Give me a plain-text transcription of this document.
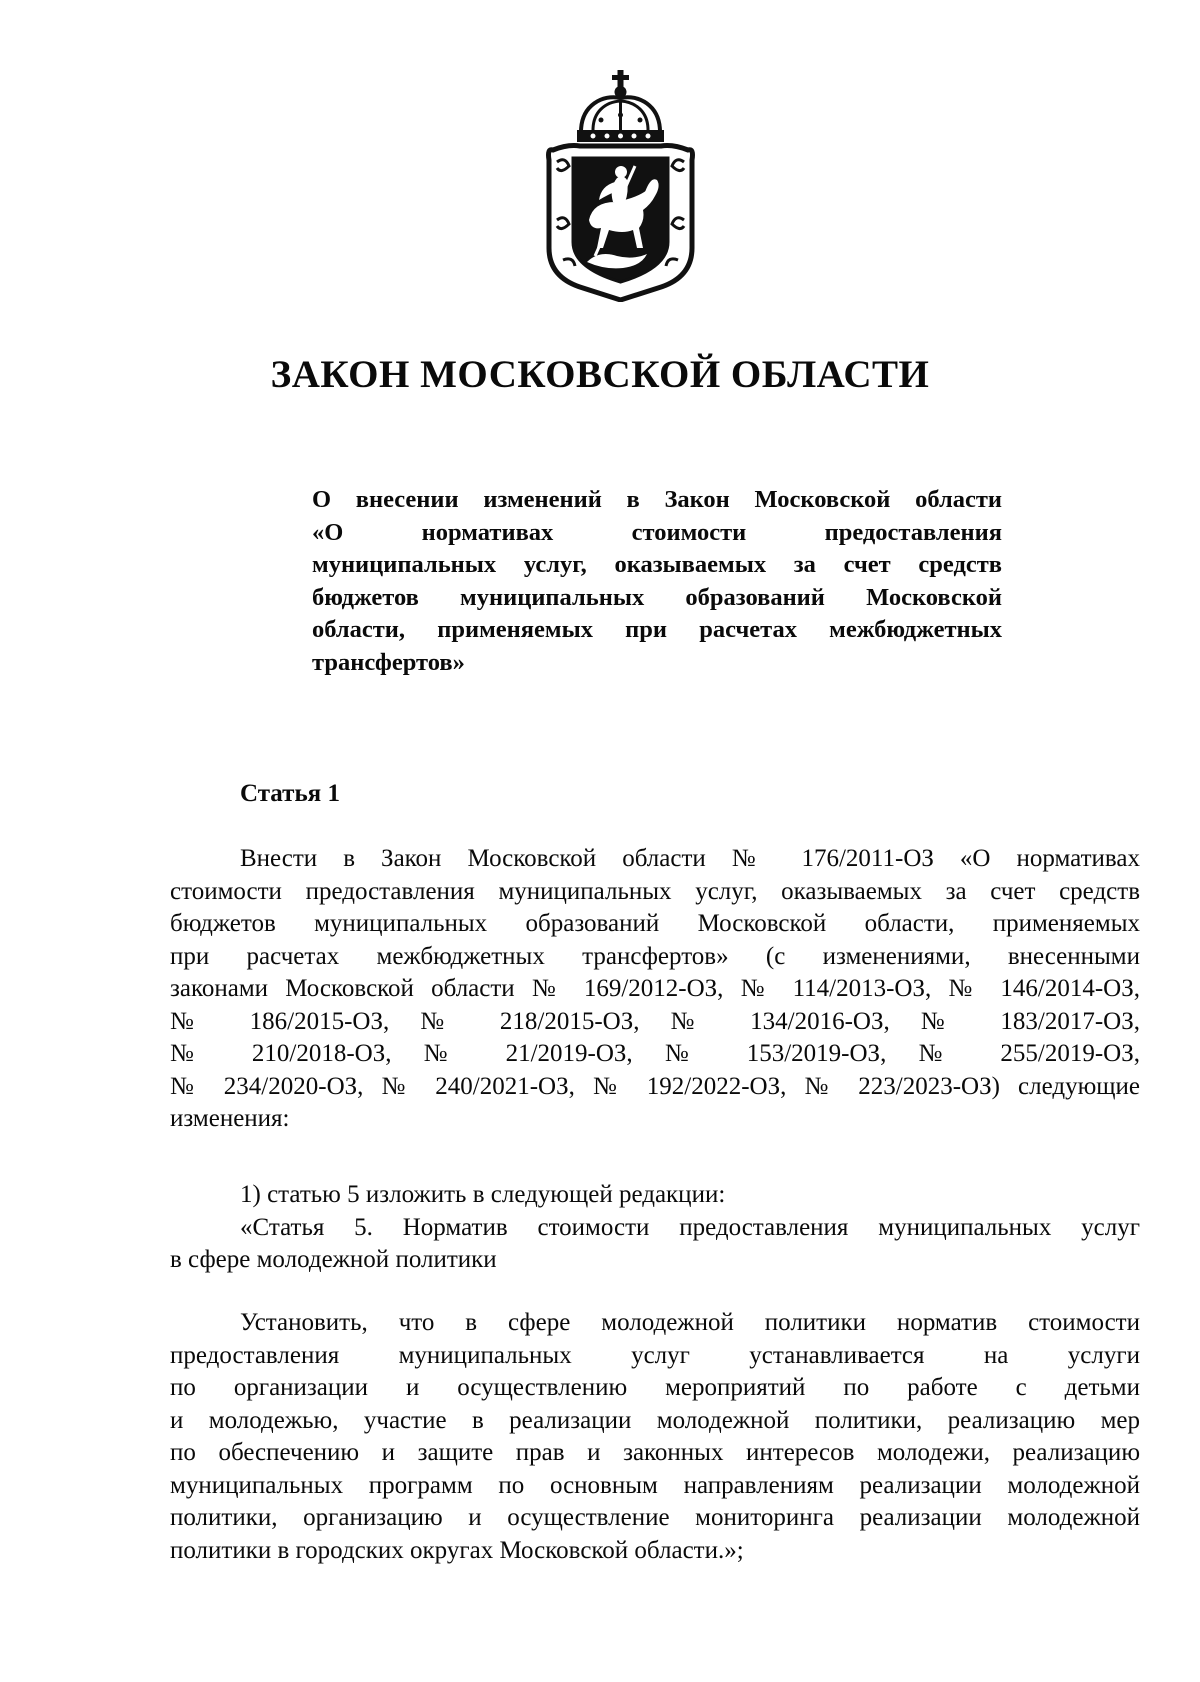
ЗАКОН МОСКОВСКОЙ ОБЛАСТИ
О внесении изменений в Закон Московской области
«О нормативах стоимости предоставления
муниципальных услуг, оказываемых за счет средств
бюджетов муниципальных образований Московской
области, применяемых при расчетах межбюджетных
трансфертов»
Статья 1
Внести в Закон Московской области № 176/2011-ОЗ «О нормативах
стоимости предоставления муниципальных услуг, оказываемых за счет средств
бюджетов муниципальных образований Московской области, применяемых
при расчетах межбюджетных трансфертов» (с изменениями, внесенными
законами Московской области № 169/2012-ОЗ, № 114/2013-ОЗ, № 146/2014-ОЗ,
№ 186/2015-ОЗ, № 218/2015-ОЗ, № 134/2016-ОЗ, № 183/2017-ОЗ,
№ 210/2018-ОЗ, № 21/2019-ОЗ, № 153/2019-ОЗ, № 255/2019-ОЗ,
№ 234/2020-ОЗ, № 240/2021-ОЗ, № 192/2022-ОЗ, № 223/2023-ОЗ) следующие
изменения:
1) статью 5 изложить в следующей редакции:
«Статья 5. Норматив стоимости предоставления муниципальных услуг
в сфере молодежной политики
Установить, что в сфере молодежной политики норматив стоимости
предоставления муниципальных услуг устанавливается на услуги
по организации и осуществлению мероприятий по работе с детьми
и молодежью, участие в реализации молодежной политики, реализацию мер
по обеспечению и защите прав и законных интересов молодежи, реализацию
муниципальных программ по основным направлениям реализации молодежной
политики, организацию и осуществление мониторинга реализации молодежной
политики в городских округах Московской области.»;
